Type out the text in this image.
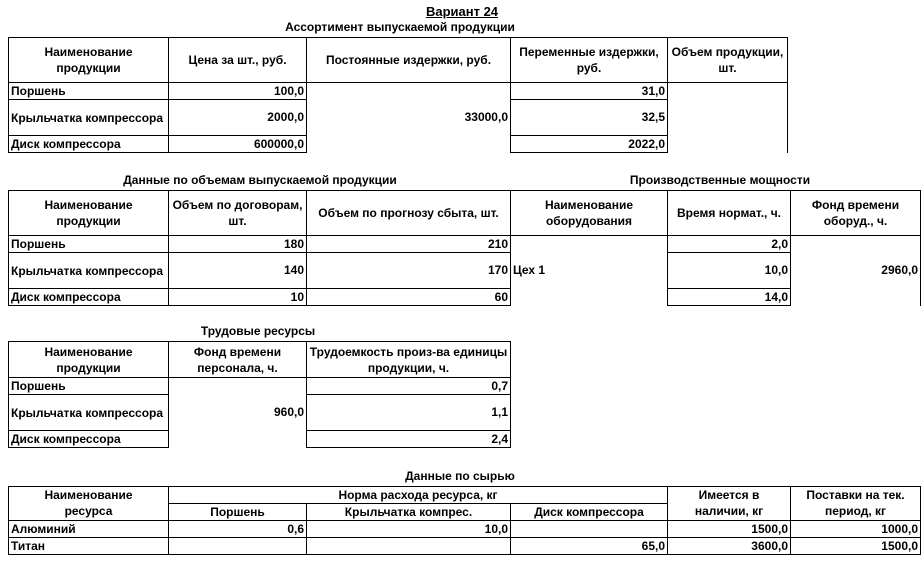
Вариант 24
Ассортимент выпускаемой продукции
Наименование продукции	Цена за шт., руб.	Постоянные издержки, руб.	Переменные издержки, руб.	Объем продукции, шт.
Поршень	100,0	33000,0	31,0	
Крыльчатка компрессора	2000,0		32,5	
Диск компрессора	600000,0		2022,0	
Данные по объемам выпускаемой продукции	Производственные мощности
Наименование продукции	Объем по договорам, шт.	Объем по прогнозу сбыта, шт.	Наименование оборудования	Время нормат., ч.	Фонд времени оборуд., ч.
Поршень	180	210	Цех 1	2,0	2960,0
Крыльчатка компрессора	140	170		10,0	
Диск компрессора	10	60		14,0	
Трудовые ресурсы
Наименование продукции	Фонд времени персонала, ч.	Трудоемкость произ-ва единицы продукции, ч.
Поршень	960,0	0,7
Крыльчатка компрессора		1,1
Диск компрессора		2,4
Данные по сырью
Наименование	Норма расхода ресурса, кг			Имеется в	Поставки на тек.
ресурса	Поршень	Крыльчатка компрес.	Диск компрессора	наличии, кг	период, кг
Алюминий	0,6	10,0		1500,0	1000,0
Титан			65,0	3600,0	1500,0
